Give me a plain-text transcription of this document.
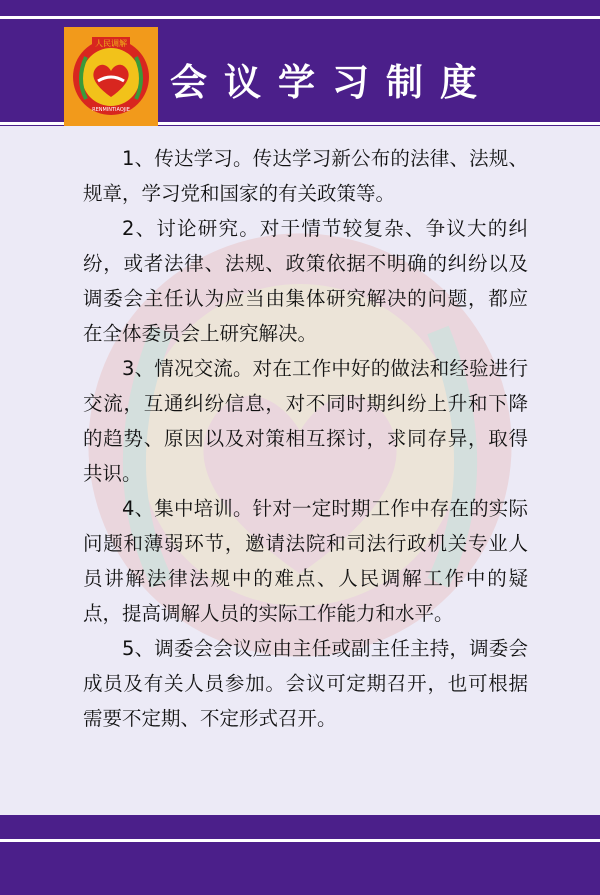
人民调解
RENMINTIAOJIE
会议学习制度

1、传达学习。传达学习新公布的法律、法规、规章，学习党和国家的有关政策等。

2、讨论研究。对于情节较复杂、争议大的纠纷，或者法律、法规、政策依据不明确的纠纷以及调委会主任认为应当由集体研究解决的问题，都应在全体委员会上研究解决。

3、情况交流。对在工作中好的做法和经验进行交流，互通纠纷信息，对不同时期纠纷上升和下降的趋势、原因以及对策相互探讨，求同存异，取得共识。

4、集中培训。针对一定时期工作中存在的实际问题和薄弱环节，邀请法院和司法行政机关专业人员讲解法律法规中的难点、人民调解工作中的疑点，提高调解人员的实际工作能力和水平。

5、调委会会议应由主任或副主任主持，调委会成员及有关人员参加。会议可定期召开，也可根据需要不定期、不定形式召开。
